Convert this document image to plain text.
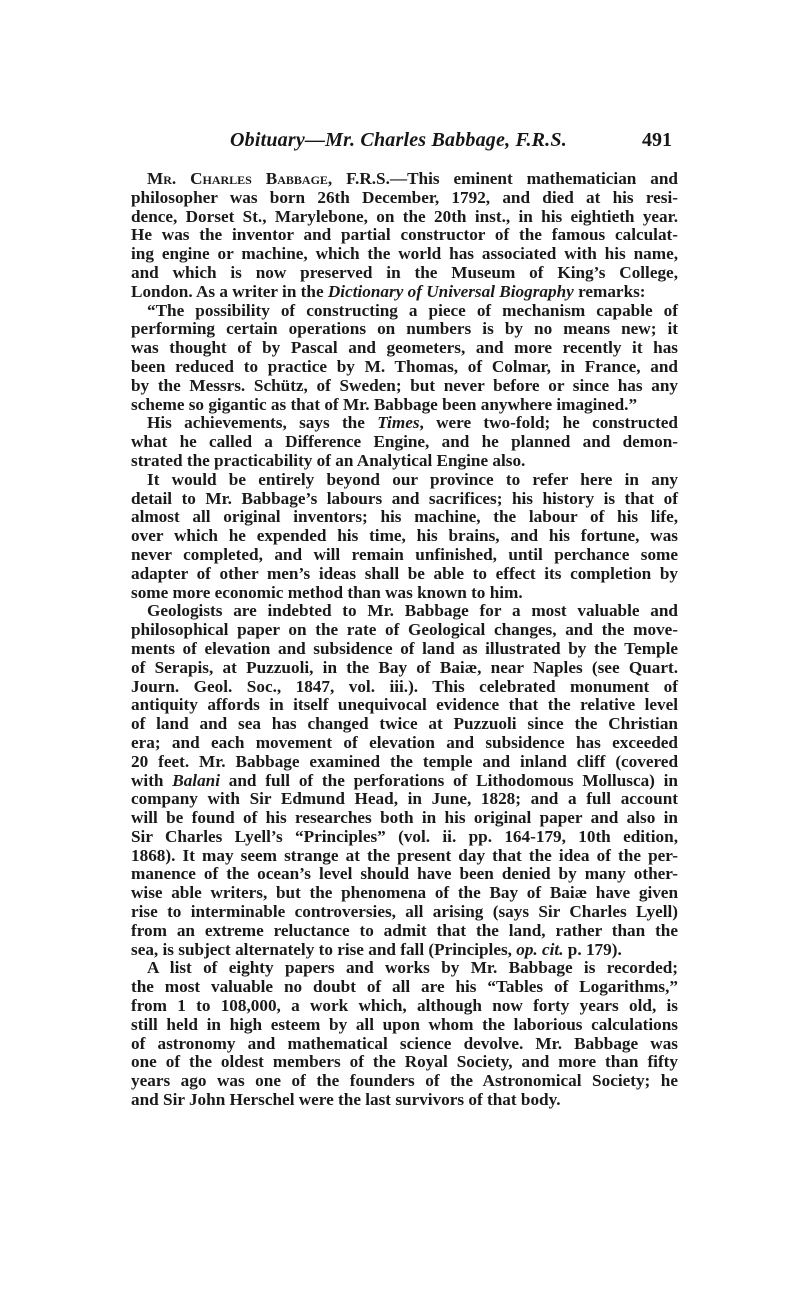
Obituary—Mr. Charles Babbage, F.R.S.	491
Mr. Charles Babbage, F.R.S.—This eminent mathematician and
philosopher was born 26th December, 1792, and died at his resi-
dence, Dorset St., Marylebone, on the 20th inst., in his eightieth year.
He was the inventor and partial constructor of the famous calculat-
ing engine or machine, which the world has associated with his name,
and which is now preserved in the Museum of King’s College,
London. As a writer in the Dictionary of Universal Biography remarks:
“The possibility of constructing a piece of mechanism capable of
performing certain operations on numbers is by no means new; it
was thought of by Pascal and geometers, and more recently it has
been reduced to practice by M. Thomas, of Colmar, in France, and
by the Messrs. Schütz, of Sweden; but never before or since has any
scheme so gigantic as that of Mr. Babbage been anywhere imagined.”
His achievements, says the Times, were two-fold; he constructed
what he called a Difference Engine, and he planned and demon-
strated the practicability of an Analytical Engine also.
It would be entirely beyond our province to refer here in any
detail to Mr. Babbage’s labours and sacrifices; his history is that of
almost all original inventors; his machine, the labour of his life,
over which he expended his time, his brains, and his fortune, was
never completed, and will remain unfinished, until perchance some
adapter of other men’s ideas shall be able to effect its completion by
some more economic method than was known to him.
Geologists are indebted to Mr. Babbage for a most valuable and
philosophical paper on the rate of Geological changes, and the move-
ments of elevation and subsidence of land as illustrated by the Temple
of Serapis, at Puzzuoli, in the Bay of Baiæ, near Naples (see Quart.
Journ. Geol. Soc., 1847, vol. iii.). This celebrated monument of
antiquity affords in itself unequivocal evidence that the relative level
of land and sea has changed twice at Puzzuoli since the Christian
era; and each movement of elevation and subsidence has exceeded
20 feet. Mr. Babbage examined the temple and inland cliff (covered
with Balani and full of the perforations of Lithodomous Mollusca) in
company with Sir Edmund Head, in June, 1828; and a full account
will be found of his researches both in his original paper and also in
Sir Charles Lyell’s “Principles” (vol. ii. pp. 164-179, 10th edition,
1868). It may seem strange at the present day that the idea of the per-
manence of the ocean’s level should have been denied by many other-
wise able writers, but the phenomena of the Bay of Baiæ have given
rise to interminable controversies, all arising (says Sir Charles Lyell)
from an extreme reluctance to admit that the land, rather than the
sea, is subject alternately to rise and fall (Principles, op. cit. p. 179).
A list of eighty papers and works by Mr. Babbage is recorded;
the most valuable no doubt of all are his “Tables of Logarithms,”
from 1 to 108,000, a work which, although now forty years old, is
still held in high esteem by all upon whom the laborious calculations
of astronomy and mathematical science devolve. Mr. Babbage was
one of the oldest members of the Royal Society, and more than fifty
years ago was one of the founders of the Astronomical Society; he
and Sir John Herschel were the last survivors of that body.
